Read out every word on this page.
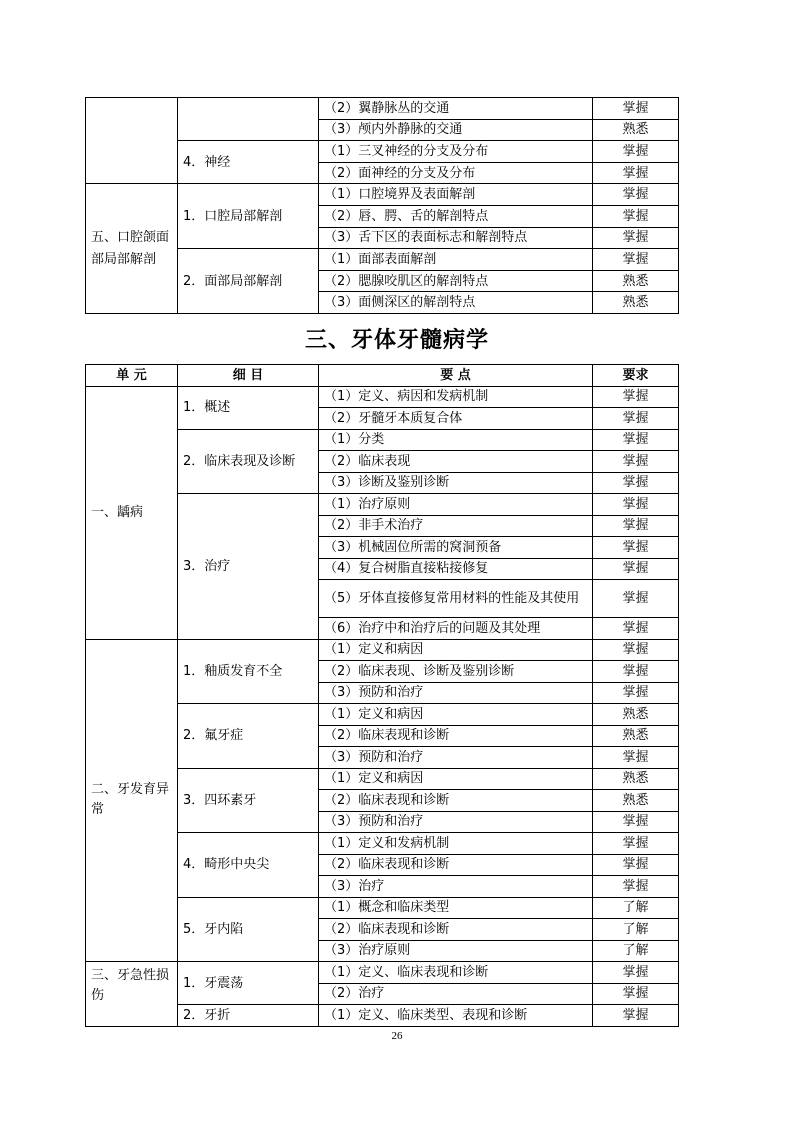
		（2）翼静脉丛的交通	掌握
		（3）颅内外静脉的交通	熟悉
	4．神经	（1）三叉神经的分支及分布	掌握
		（2）面神经的分支及分布	掌握
五、口腔颌面部局部解剖	1．口腔局部解剖	（1）口腔境界及表面解剖	掌握
		（2）唇、腭、舌的解剖特点	掌握
		（3）舌下区的表面标志和解剖特点	掌握
	2．面部局部解剖	（1）面部表面解剖	掌握
		（2）腮腺咬肌区的解剖特点	熟悉
		（3）面侧深区的解剖特点	熟悉
三、牙体牙髓病学
单 元	细 目	要 点	要求
一、龋病	1．概述	（1）定义、病因和发病机制	掌握
		（2）牙髓牙本质复合体	掌握
	2．临床表现及诊断	（1）分类	掌握
		（2）临床表现	掌握
		（3）诊断及鉴别诊断	掌握
	3．治疗	（1）治疗原则	掌握
		（2）非手术治疗	掌握
		（3）机械固位所需的窝洞预备	掌握
		（4）复合树脂直接粘接修复	掌握
		（5）牙体直接修复常用材料的性能及其使用	掌握
		（6）治疗中和治疗后的问题及其处理	掌握
二、牙发育异常	1．釉质发育不全	（1）定义和病因	掌握
		（2）临床表现、诊断及鉴别诊断	掌握
		（3）预防和治疗	掌握
	2．氟牙症	（1）定义和病因	熟悉
		（2）临床表现和诊断	熟悉
		（3）预防和治疗	掌握
	3．四环素牙	（1）定义和病因	熟悉
		（2）临床表现和诊断	熟悉
		（3）预防和治疗	掌握
	4．畸形中央尖	（1）定义和发病机制	掌握
		（2）临床表现和诊断	掌握
		（3）治疗	掌握
	5．牙内陷	（1）概念和临床类型	了解
		（2）临床表现和诊断	了解
		（3）治疗原则	了解
三、牙急性损伤	1．牙震荡	（1）定义、临床表现和诊断	掌握
		（2）治疗	掌握
	2．牙折	（1）定义、临床类型、表现和诊断	掌握
26
